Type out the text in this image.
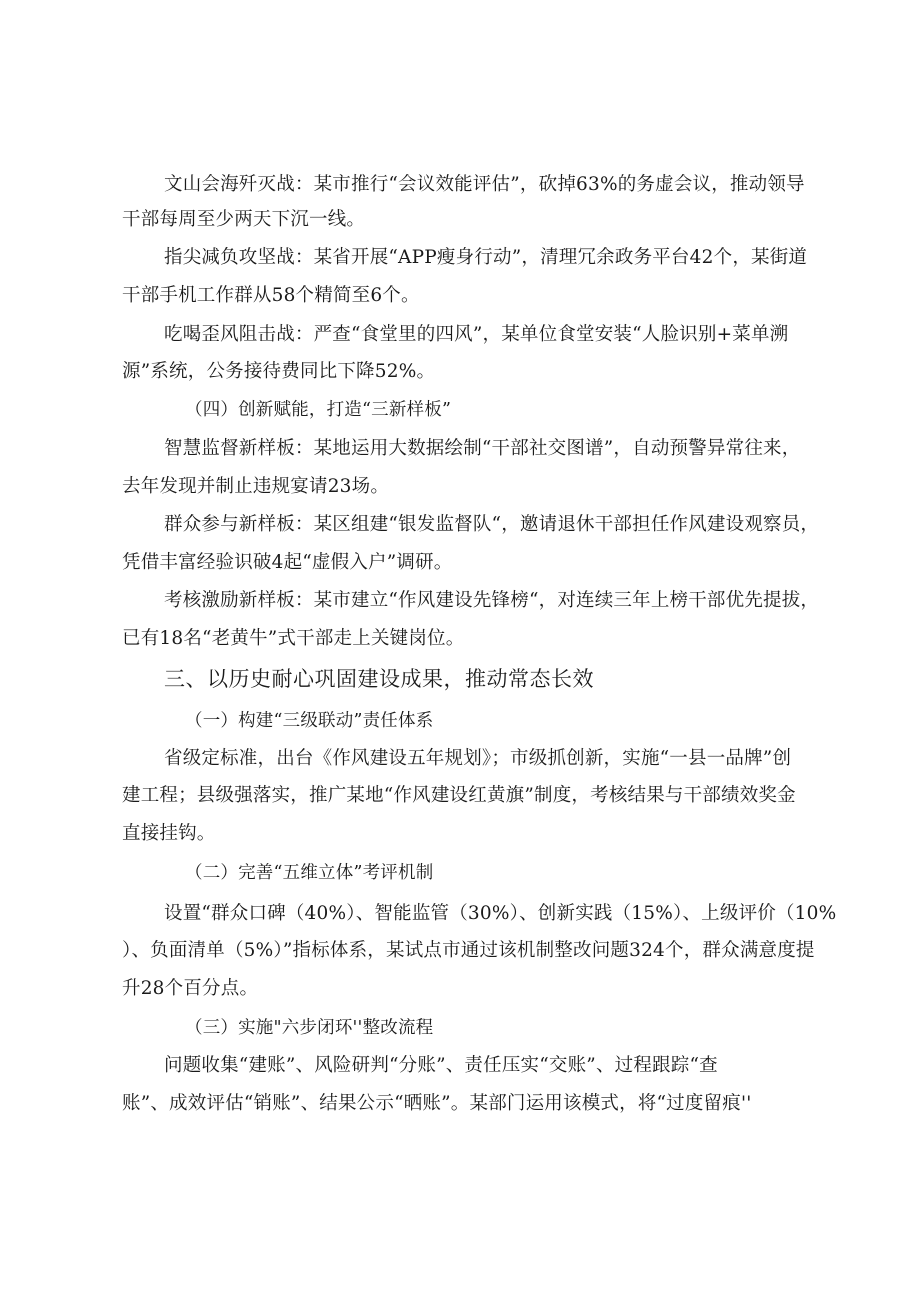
文山会海歼灭战：某市推行“会议效能评估”，砍掉63%的务虚会议，推动领导
干部每周至少两天下沉一线。
指尖减负攻坚战：某省开展“APP瘦身行动”，清理冗余政务平台42个，某街道
干部手机工作群从58个精简至6个。
吃喝歪风阻击战：严查“食堂里的四风”，某单位食堂安装“人脸识别+菜单溯
源”系统，公务接待费同比下降52%。
（四）创新赋能，打造“三新样板”
智慧监督新样板：某地运用大数据绘制“干部社交图谱”，自动预警异常往来，
去年发现并制止违规宴请23场。
群众参与新样板：某区组建“银发监督队“，邀请退休干部担任作风建设观察员，
凭借丰富经验识破4起“虚假入户”调研。
考核激励新样板：某市建立“作风建设先锋榜“，对连续三年上榜干部优先提拔，
已有18名“老黄牛”式干部走上关键岗位。
三、以历史耐心巩固建设成果，推动常态长效
（一）构建“三级联动”责任体系
省级定标准，出台《作风建设五年规划》；市级抓创新，实施“一县一品牌”创
建工程；县级强落实，推广某地“作风建设红黄旗”制度，考核结果与干部绩效奖金
直接挂钩。
（二）完善“五维立体”考评机制
设置“群众口碑（40%）、智能监管（30%）、创新实践（15%）、上级评价（10%
）、负面清单（5%）”指标体系，某试点市通过该机制整改问题324个，群众满意度提
升28个百分点。
（三）实施"六步闭环''整改流程
问题收集“建账”、风险研判“分账”、责任压实“交账”、过程跟踪“查
账”、成效评估“销账”、结果公示“晒账”。某部门运用该模式，将“过度留痕''
